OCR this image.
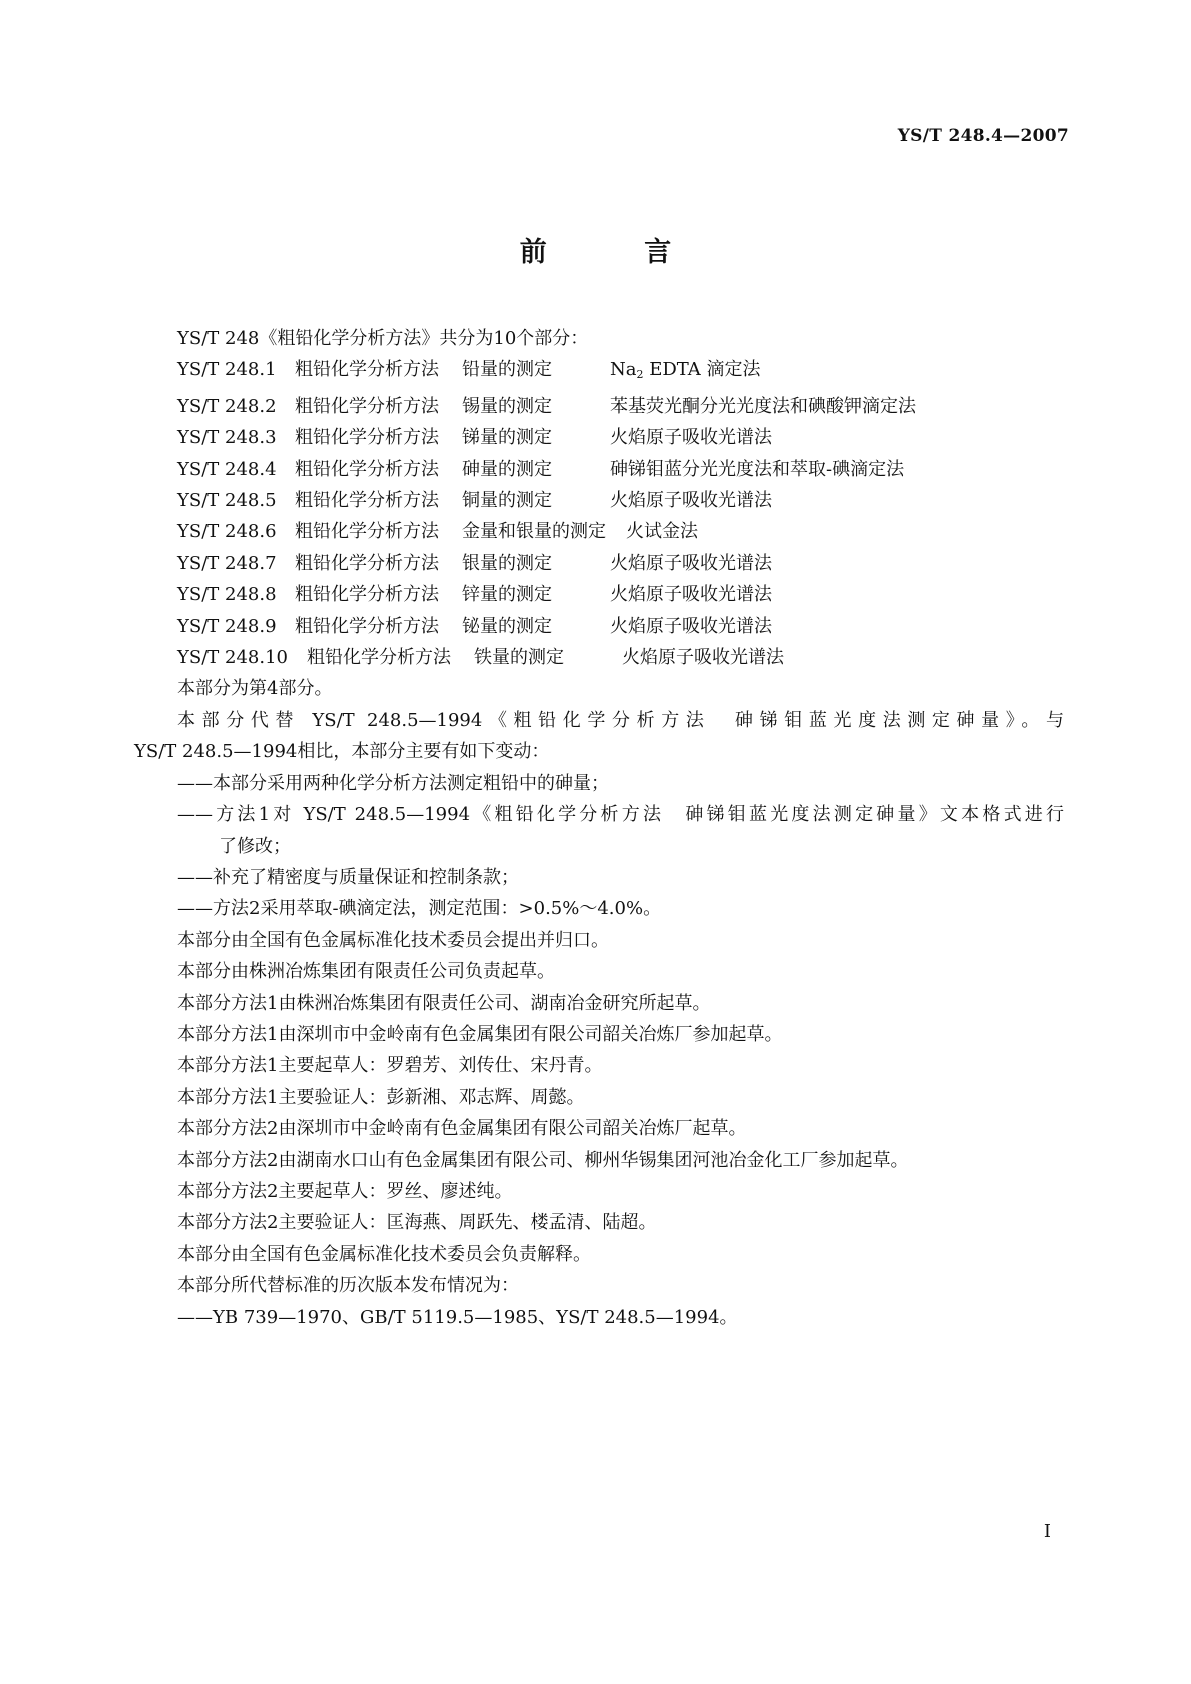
YS/T 248.4—2007
前 言
YS/T 248《粗铅化学分析方法》共分为10个部分：
YS/T 248.1 粗铅化学分析方法 铅量的测定	$Na_2$ EDTA 滴定法
YS/T 248.2 粗铅化学分析方法 锡量的测定	苯基荧光酮分光光度法和碘酸钾滴定法
YS/T 248.3 粗铅化学分析方法 锑量的测定	火焰原子吸收光谱法
YS/T 248.4 粗铅化学分析方法 砷量的测定	砷锑钼蓝分光光度法和萃取-碘滴定法
YS/T 248.5 粗铅化学分析方法 铜量的测定	火焰原子吸收光谱法
YS/T 248.6 粗铅化学分析方法 金量和银量的测定 火试金法
YS/T 248.7 粗铅化学分析方法 银量的测定	火焰原子吸收光谱法
YS/T 248.8 粗铅化学分析方法 锌量的测定	火焰原子吸收光谱法
YS/T 248.9 粗铅化学分析方法 铋量的测定	火焰原子吸收光谱法
YS/T 248.10 粗铅化学分析方法 铁量的测定	火焰原子吸收光谱法
本部分为第4部分。
本部分代替 YS/T 248.5—1994《粗铅化学分析方法　砷锑钼蓝光度法测定砷量》。与
YS/T 248.5—1994相比，本部分主要有如下变动：
——本部分采用两种化学分析方法测定粗铅中的砷量；
——方法1对 YS/T 248.5—1994《粗铅化学分析方法　砷锑钼蓝光度法测定砷量》文本格式进行
了修改；
——补充了精密度与质量保证和控制条款；
——方法2采用萃取-碘滴定法，测定范围：>0.5%～4.0%。
本部分由全国有色金属标准化技术委员会提出并归口。
本部分由株洲冶炼集团有限责任公司负责起草。
本部分方法1由株洲冶炼集团有限责任公司、湖南冶金研究所起草。
本部分方法1由深圳市中金岭南有色金属集团有限公司韶关冶炼厂参加起草。
本部分方法1主要起草人：罗碧芳、刘传仕、宋丹青。
本部分方法1主要验证人：彭新湘、邓志辉、周懿。
本部分方法2由深圳市中金岭南有色金属集团有限公司韶关冶炼厂起草。
本部分方法2由湖南水口山有色金属集团有限公司、柳州华锡集团河池冶金化工厂参加起草。
本部分方法2主要起草人：罗丝、廖述纯。
本部分方法2主要验证人：匡海燕、周跃先、楼孟清、陆超。
本部分由全国有色金属标准化技术委员会负责解释。
本部分所代替标准的历次版本发布情况为：
——YB 739—1970、GB/T 5119.5—1985、YS/T 248.5—1994。
I
